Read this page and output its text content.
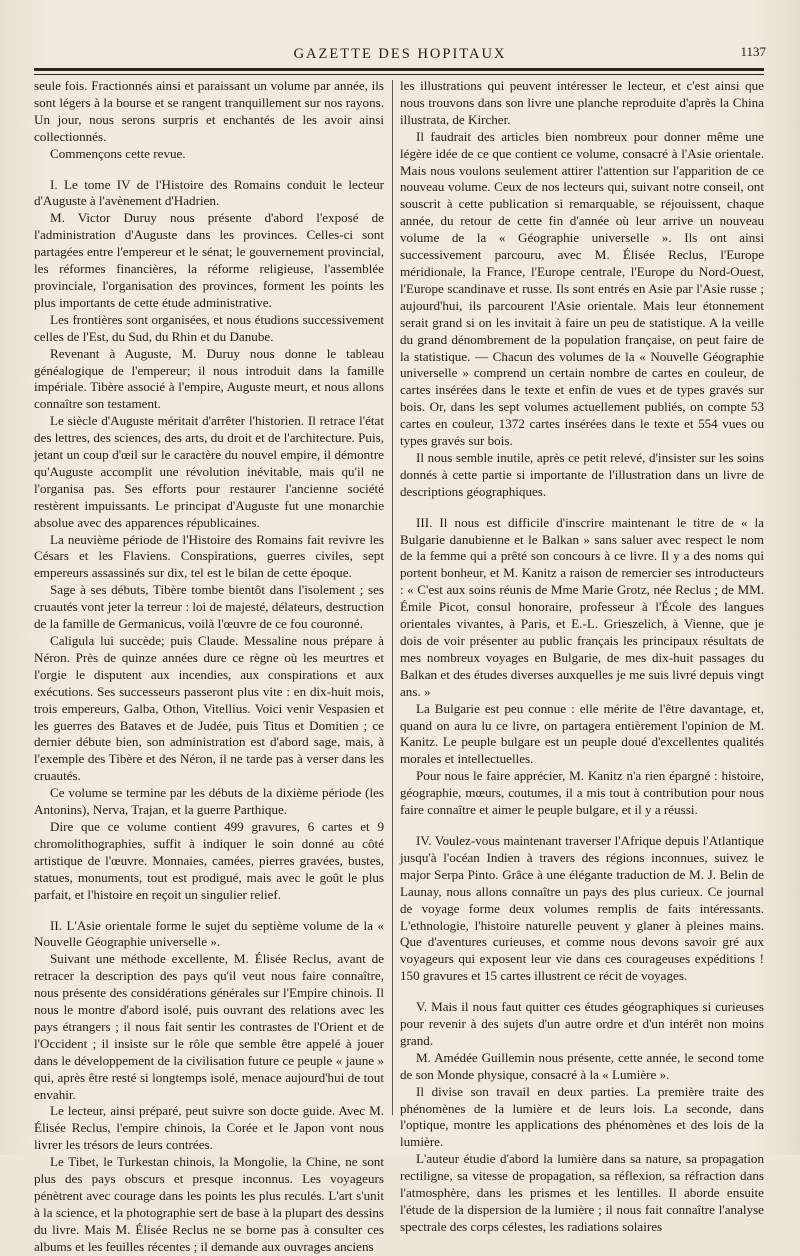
GAZETTE DES HOPITAUX	1137

seule fois. Fractionnés ainsi et paraissant un volume par année, ils sont légers à la bourse et se rangent tranquillement sur nos rayons. Un jour, nous serons surpris et enchantés de les avoir ainsi collectionnés.

Commençons cette revue.

I. Le tome IV de l'Histoire des Romains conduit le lecteur d'Auguste à l'avènement d'Hadrien.

M. Victor Duruy nous présente d'abord l'exposé de l'administration d'Auguste dans les provinces. Celles-ci sont partagées entre l'empereur et le sénat; le gouvernement provincial, les réformes financières, la réforme religieuse, l'assemblée provinciale, l'organisation des provinces, forment les points les plus importants de cette étude administrative.

Les frontières sont organisées, et nous étudions successivement celles de l'Est, du Sud, du Rhin et du Danube.

Revenant à Auguste, M. Duruy nous donne le tableau généalogique de l'empereur; il nous introduit dans la famille impériale. Tibère associé à l'empire, Auguste meurt, et nous allons connaître son testament.

Le siècle d'Auguste méritait d'arrêter l'historien. Il retrace l'état des lettres, des sciences, des arts, du droit et de l'architecture. Puis, jetant un coup d'œil sur le caractère du nouvel empire, il démontre qu'Auguste accomplit une révolution inévitable, mais qu'il ne l'organisa pas. Ses efforts pour restaurer l'ancienne société restèrent impuissants. Le principat d'Auguste fut une monarchie absolue avec des apparences républicaines.

La neuvième période de l'Histoire des Romains fait revivre les Césars et les Flaviens. Conspirations, guerres civiles, sept empereurs assassinés sur dix, tel est le bilan de cette époque.

Sage à ses débuts, Tibère tombe bientôt dans l'isolement ; ses cruautés vont jeter la terreur : loi de majesté, délateurs, destruction de la famille de Germanicus, voilà l'œuvre de ce fou couronné.

Caligula lui succède; puis Claude. Messaline nous prépare à Néron. Près de quinze années dure ce règne où les meurtres et l'orgie le disputent aux incendies, aux conspirations et aux exécutions. Ses successeurs passeront plus vite : en dix-huit mois, trois empereurs, Galba, Othon, Vitellius. Voici venir Vespasien et les guerres des Bataves et de Judée, puis Titus et Domitien ; ce dernier débute bien, son administration est d'abord sage, mais, à l'exemple des Tibère et des Néron, il ne tarde pas à verser dans les cruautés.

Ce volume se termine par les débuts de la dixième période (les Antonins), Nerva, Trajan, et la guerre Parthique.

Dire que ce volume contient 499 gravures, 6 cartes et 9 chromolithographies, suffit à indiquer le soin donné au côté artistique de l'œuvre. Monnaies, camées, pierres gravées, bustes, statues, monuments, tout est prodigué, mais avec le goût le plus parfait, et l'histoire en reçoit un singulier relief.

II. L'Asie orientale forme le sujet du septième volume de la « Nouvelle Géographie universelle ».

Suivant une méthode excellente, M. Élisée Reclus, avant de retracer la description des pays qu'il veut nous faire connaître, nous présente des considérations générales sur l'Empire chinois. Il nous le montre d'abord isolé, puis ouvrant des relations avec les pays étrangers ; il nous fait sentir les contrastes de l'Orient et de l'Occident ; il insiste sur le rôle que semble être appelé à jouer dans le développement de la civilisation future ce peuple « jaune » qui, après être resté si longtemps isolé, menace aujourd'hui de tout envahir.

Le lecteur, ainsi préparé, peut suivre son docte guide. Avec M. Élisée Reclus, l'empire chinois, la Corée et le Japon vont nous livrer les trésors de leurs contrées.

Le Tibet, le Turkestan chinois, la Mongolie, la Chine, ne sont plus des pays obscurs et presque inconnus. Les voyageurs pénètrent avec courage dans les points les plus reculés. L'art s'unit à la science, et la photographie sert de base à la plupart des dessins du livre. Mais M. Élisée Reclus ne se borne pas à consulter ces albums et les feuilles récentes ; il demande aux ouvrages anciens

les illustrations qui peuvent intéresser le lecteur, et c'est ainsi que nous trouvons dans son livre une planche reproduite d'après la China illustrata, de Kircher.

Il faudrait des articles bien nombreux pour donner même une légère idée de ce que contient ce volume, consacré à l'Asie orientale. Mais nous voulons seulement attirer l'attention sur l'apparition de ce nouveau volume. Ceux de nos lecteurs qui, suivant notre conseil, ont souscrit à cette publication si remarquable, se réjouissent, chaque année, du retour de cette fin d'année où leur arrive un nouveau volume de la « Géographie universelle ». Ils ont ainsi successivement parcouru, avec M. Élisée Reclus, l'Europe méridionale, la France, l'Europe centrale, l'Europe du Nord-Ouest, l'Europe scandinave et russe. Ils sont entrés en Asie par l'Asie russe ; aujourd'hui, ils parcourent l'Asie orientale. Mais leur étonnement serait grand si on les invitait à faire un peu de statistique. A la veille du grand dénombrement de la population française, on peut faire de la statistique. — Chacun des volumes de la « Nouvelle Géographie universelle » comprend un certain nombre de cartes en couleur, de cartes insérées dans le texte et enfin de vues et de types gravés sur bois. Or, dans les sept volumes actuellement publiés, on compte 53 cartes en couleur, 1372 cartes insérées dans le texte et 554 vues ou types gravés sur bois.

Il nous semble inutile, après ce petit relevé, d'insister sur les soins donnés à cette partie si importante de l'illustration dans un livre de descriptions géographiques.

III. Il nous est difficile d'inscrire maintenant le titre de « la Bulgarie danubienne et le Balkan » sans saluer avec respect le nom de la femme qui a prêté son concours à ce livre. Il y a des noms qui portent bonheur, et M. Kanitz a raison de remercier ses introducteurs : « C'est aux soins réunis de Mme Marie Grotz, née Reclus ; de MM. Émile Picot, consul honoraire, professeur à l'École des langues orientales vivantes, à Paris, et E.-L. Grieszelich, à Vienne, que je dois de voir présenter au public français les principaux résultats de mes nombreux voyages en Bulgarie, de mes dix-huit passages du Balkan et des études diverses auxquelles je me suis livré depuis vingt ans. »

La Bulgarie est peu connue : elle mérite de l'être davantage, et, quand on aura lu ce livre, on partagera entièrement l'opinion de M. Kanitz. Le peuple bulgare est un peuple doué d'excellentes qualités morales et intellectuelles.

Pour nous le faire apprécier, M. Kanitz n'a rien épargné : histoire, géographie, mœurs, coutumes, il a mis tout à contribution pour nous faire connaître et aimer le peuple bulgare, et il y a réussi.

IV. Voulez-vous maintenant traverser l'Afrique depuis l'Atlantique jusqu'à l'océan Indien à travers des régions inconnues, suivez le major Serpa Pinto. Grâce à une élégante traduction de M. J. Belin de Launay, nous allons connaître un pays des plus curieux. Ce journal de voyage forme deux volumes remplis de faits intéressants. L'ethnologie, l'histoire naturelle peuvent y glaner à pleines mains. Que d'aventures curieuses, et comme nous devons savoir gré aux voyageurs qui exposent leur vie dans ces courageuses expéditions ! 150 gravures et 15 cartes illustrent ce récit de voyages.

V. Mais il nous faut quitter ces études géographiques si curieuses pour revenir à des sujets d'un autre ordre et d'un intérêt non moins grand.

M. Amédée Guillemin nous présente, cette année, le second tome de son Monde physique, consacré à la « Lumière ».

Il divise son travail en deux parties. La première traite des phénomènes de la lumière et de leurs lois. La seconde, dans l'optique, montre les applications des phénomènes et des lois de la lumière.

L'auteur étudie d'abord la lumière dans sa nature, sa propagation rectiligne, sa vitesse de propagation, sa réflexion, sa réfraction dans l'atmosphère, dans les prismes et les lentilles. Il aborde ensuite l'étude de la dispersion de la lumière ; il nous fait connaître l'analyse spectrale des corps célestes, les radiations solaires
